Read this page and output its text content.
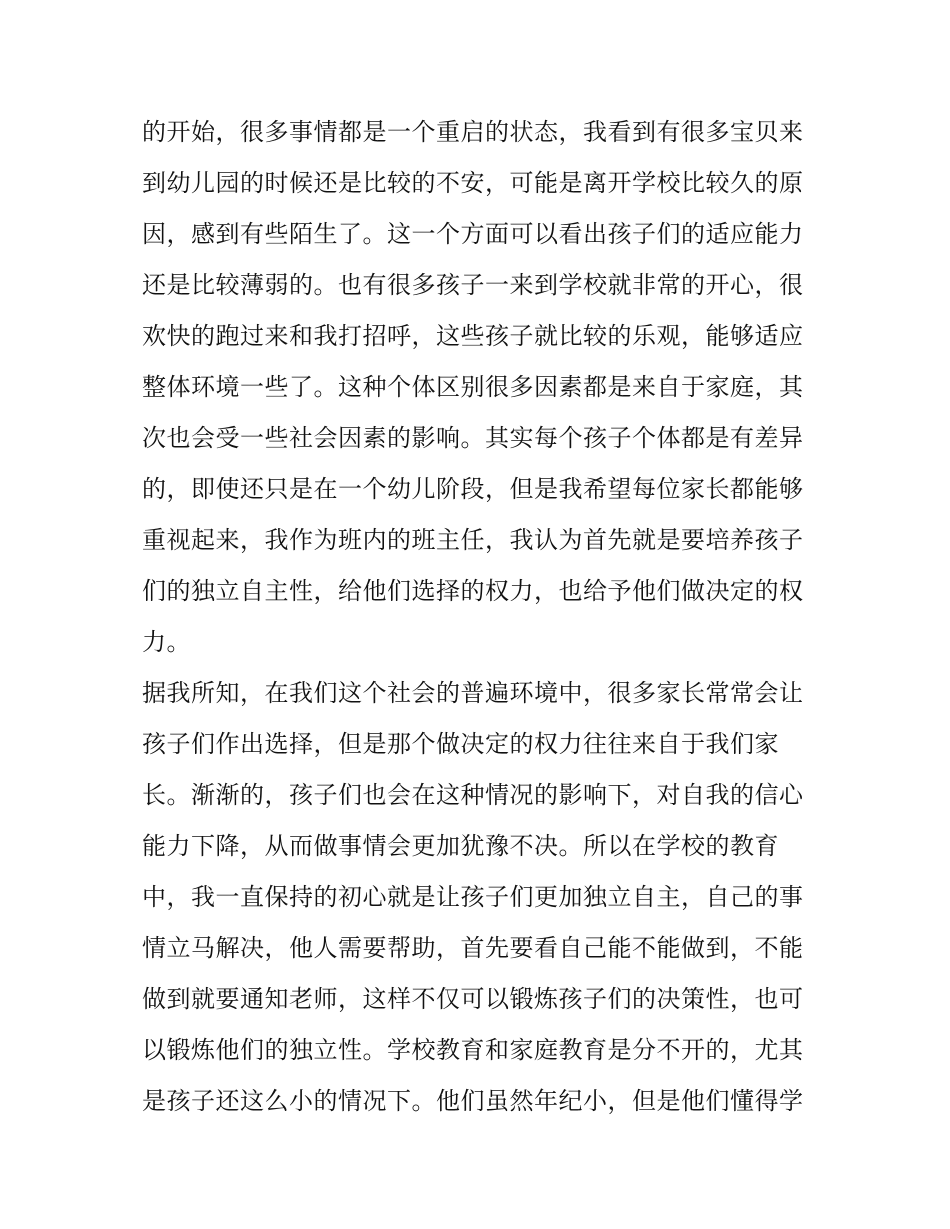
的开始，很多事情都是一个重启的状态，我看到有很多宝贝来
到幼儿园的时候还是比较的不安，可能是离开学校比较久的原
因，感到有些陌生了。这一个方面可以看出孩子们的适应能力
还是比较薄弱的。也有很多孩子一来到学校就非常的开心，很
欢快的跑过来和我打招呼，这些孩子就比较的乐观，能够适应
整体环境一些了。这种个体区别很多因素都是来自于家庭，其
次也会受一些社会因素的影响。其实每个孩子个体都是有差异
的，即使还只是在一个幼儿阶段，但是我希望每位家长都能够
重视起来，我作为班内的班主任，我认为首先就是要培养孩子
们的独立自主性，给他们选择的权力，也给予他们做决定的权
力。
据我所知，在我们这个社会的普遍环境中，很多家长常常会让
孩子们作出选择，但是那个做决定的权力往往来自于我们家
长。渐渐的，孩子们也会在这种情况的影响下，对自我的信心
能力下降，从而做事情会更加犹豫不决。所以在学校的教育
中，我一直保持的初心就是让孩子们更加独立自主，自己的事
情立马解决，他人需要帮助，首先要看自己能不能做到，不能
做到就要通知老师，这样不仅可以锻炼孩子们的决策性，也可
以锻炼他们的独立性。学校教育和家庭教育是分不开的，尤其
是孩子还这么小的情况下。他们虽然年纪小，但是他们懂得学
